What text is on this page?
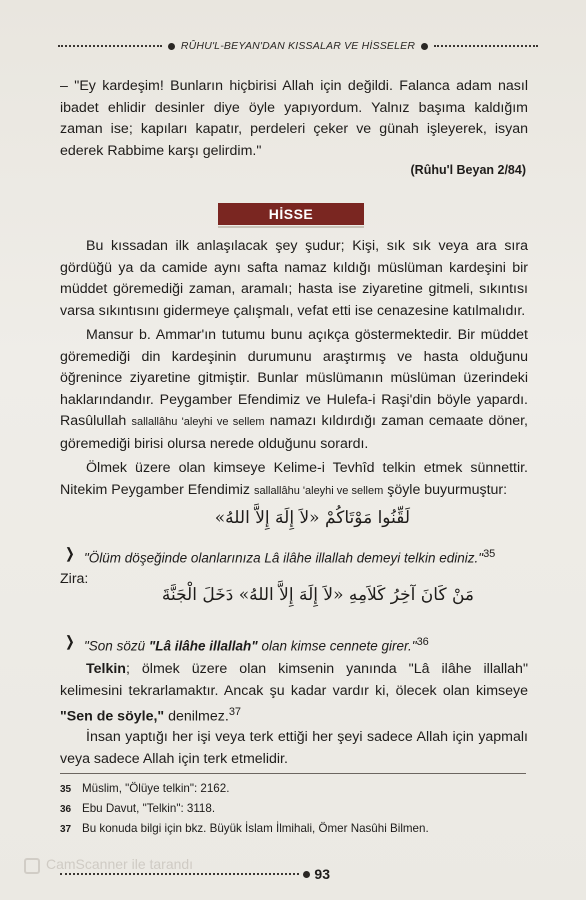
RÛHU'L-BEYAN'DAN KISSALAR VE HİSSELER

– "Ey kardeşim! Bunların hiçbirisi Allah için değildi. Falanca adam nasıl ibadet ehlidir desinler diye öyle yapıyordum. Yalnız başıma kaldığım zaman ise; kapıları kapatır, perdeleri çeker ve günah işleyerek, isyan ederek Rabbime karşı gelirdim."

(Rûhu'l Beyan 2/84)
HİSSE

Bu kıssadan ilk anlaşılacak şey şudur; Kişi, sık sık veya ara sıra gördüğü ya da camide aynı safta namaz kıldığı müslüman kardeşini bir müddet göremediği zaman, aramalı; hasta ise ziyaretine gitmeli, sıkıntısı varsa sıkıntısını gidermeye çalışmalı, vefat etti ise cenazesine katılmalıdır.

Mansur b. Ammar'ın tutumu bunu açıkça göstermektedir. Bir müddet göremediği din kardeşinin durumunu araştırmış ve hasta olduğunu öğrenince ziyaretine gitmiştir. Bunlar müslümanın müslüman üzerindeki haklarındandır. Peygamber Efendimiz ve Hulefa-i Raşi'din böyle yapardı. Rasûlullah sallallâhu 'aleyhi ve sellem namazı kıldırdığı zaman cemaate döner, göremediği birisi olursa nerede olduğunu sorardı.

Ölmek üzere olan kimseye Kelime-i Tevhîd telkin etmek sünnettir. Nitekim Peygamber Efendimiz sallallâhu 'aleyhi ve sellem şöyle buyurmuştur:

لَقِّنُوا مَوْتَاكُمْ «لاَ إِلَهَ إِلاَّ اللهُ»
❭ "Ölüm döşeğinde olanlarınıza Lâ ilâhe illallah demeyi telkin ediniz."$^{35}$

Zira:

مَنْ كَانَ آخِرُ كَلاَمِهِ «لاَ إِلَهَ إِلاَّ اللهُ» دَخَلَ الْجَنَّةَ
❭ "Son sözü "Lâ ilâhe illallah" olan kimse cennete girer."$^{36}$

Telkin; ölmek üzere olan kimsenin yanında "Lâ ilâhe illallah" kelimesini tekrarlamaktır. Ancak şu kadar vardır ki, ölecek olan kimseye "Sen de söyle," denilmez.$^{37}$

İnsan yaptığı her işi veya terk ettiği her şeyi sadece Allah için yapmalı veya sadece Allah için terk etmelidir.

35 Müslim, "Ölüye telkin": 2162.
36 Ebu Davut, "Telkin": 3118.
37 Bu konuda bilgi için bkz. Büyük İslam İlmihali, Ömer Nasûhi Bilmen.
CamScanner ile tarandı
93
